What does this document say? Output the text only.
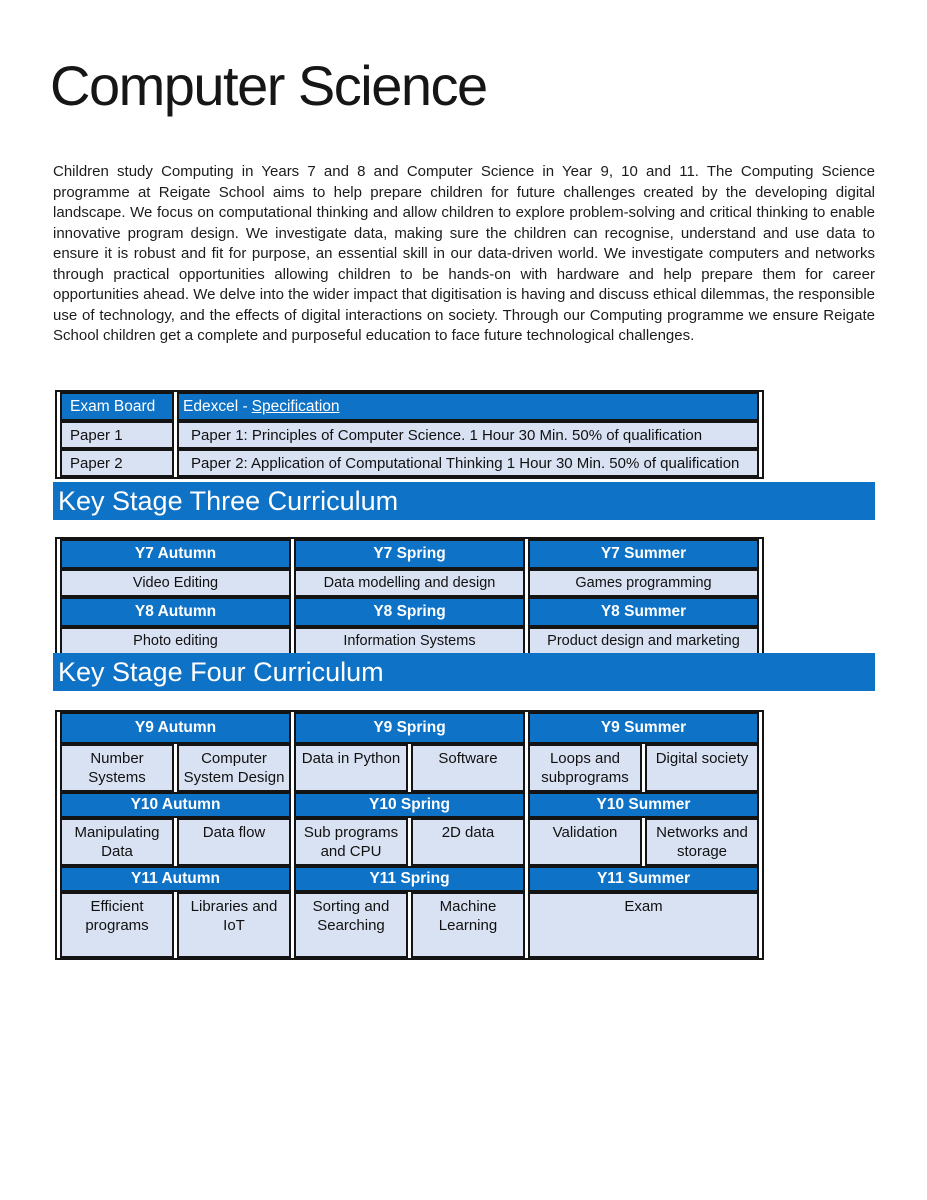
Computer Science
Children study Computing in Years 7 and 8 and Computer Science in Year 9, 10 and 11. The Computing Science programme at Reigate School aims to help prepare children for future challenges created by the developing digital landscape. We focus on computational thinking and allow children to explore problem-solving and critical thinking to enable innovative program design. We investigate data, making sure the children can recognise, understand and use data to ensure it is robust and fit for purpose, an essential skill in our data-driven world. We investigate computers and networks through practical opportunities allowing children to be hands-on with hardware and help prepare them for career opportunities ahead. We delve into the wider impact that digitisation is having and discuss ethical dilemmas, the responsible use of technology, and the effects of digital interactions on society. Through our Computing programme we ensure Reigate School children get a complete and purposeful education to face future technological challenges.
Exam Board	Edexcel - Specification
Paper 1	Paper 1: Principles of Computer Science. 1 Hour 30 Min. 50% of qualification
Paper 2	Paper 2: Application of Computational Thinking 1 Hour 30 Min. 50% of qualification
Key Stage Three Curriculum
Y7 Autumn	Y7 Spring	Y7 Summer
Video Editing	Data modelling and design	Games programming
Y8 Autumn	Y8 Spring	Y8 Summer
Photo editing	Information Systems	Product design and marketing
Key Stage Four Curriculum
Y9 Autumn		Y9 Spring		Y9 Summer	
Number Systems	Computer System Design	Data in Python	Software	Loops and subprograms	Digital society
Y10 Autumn		Y10 Spring		Y10 Summer	
Manipulating Data	Data flow	Sub programs and CPU	2D data	Validation	Networks and storage
Y11 Autumn		Y11 Spring		Y11 Summer	
Efficient programs	Libraries and IoT	Sorting and Searching	Machine Learning	Exam	
